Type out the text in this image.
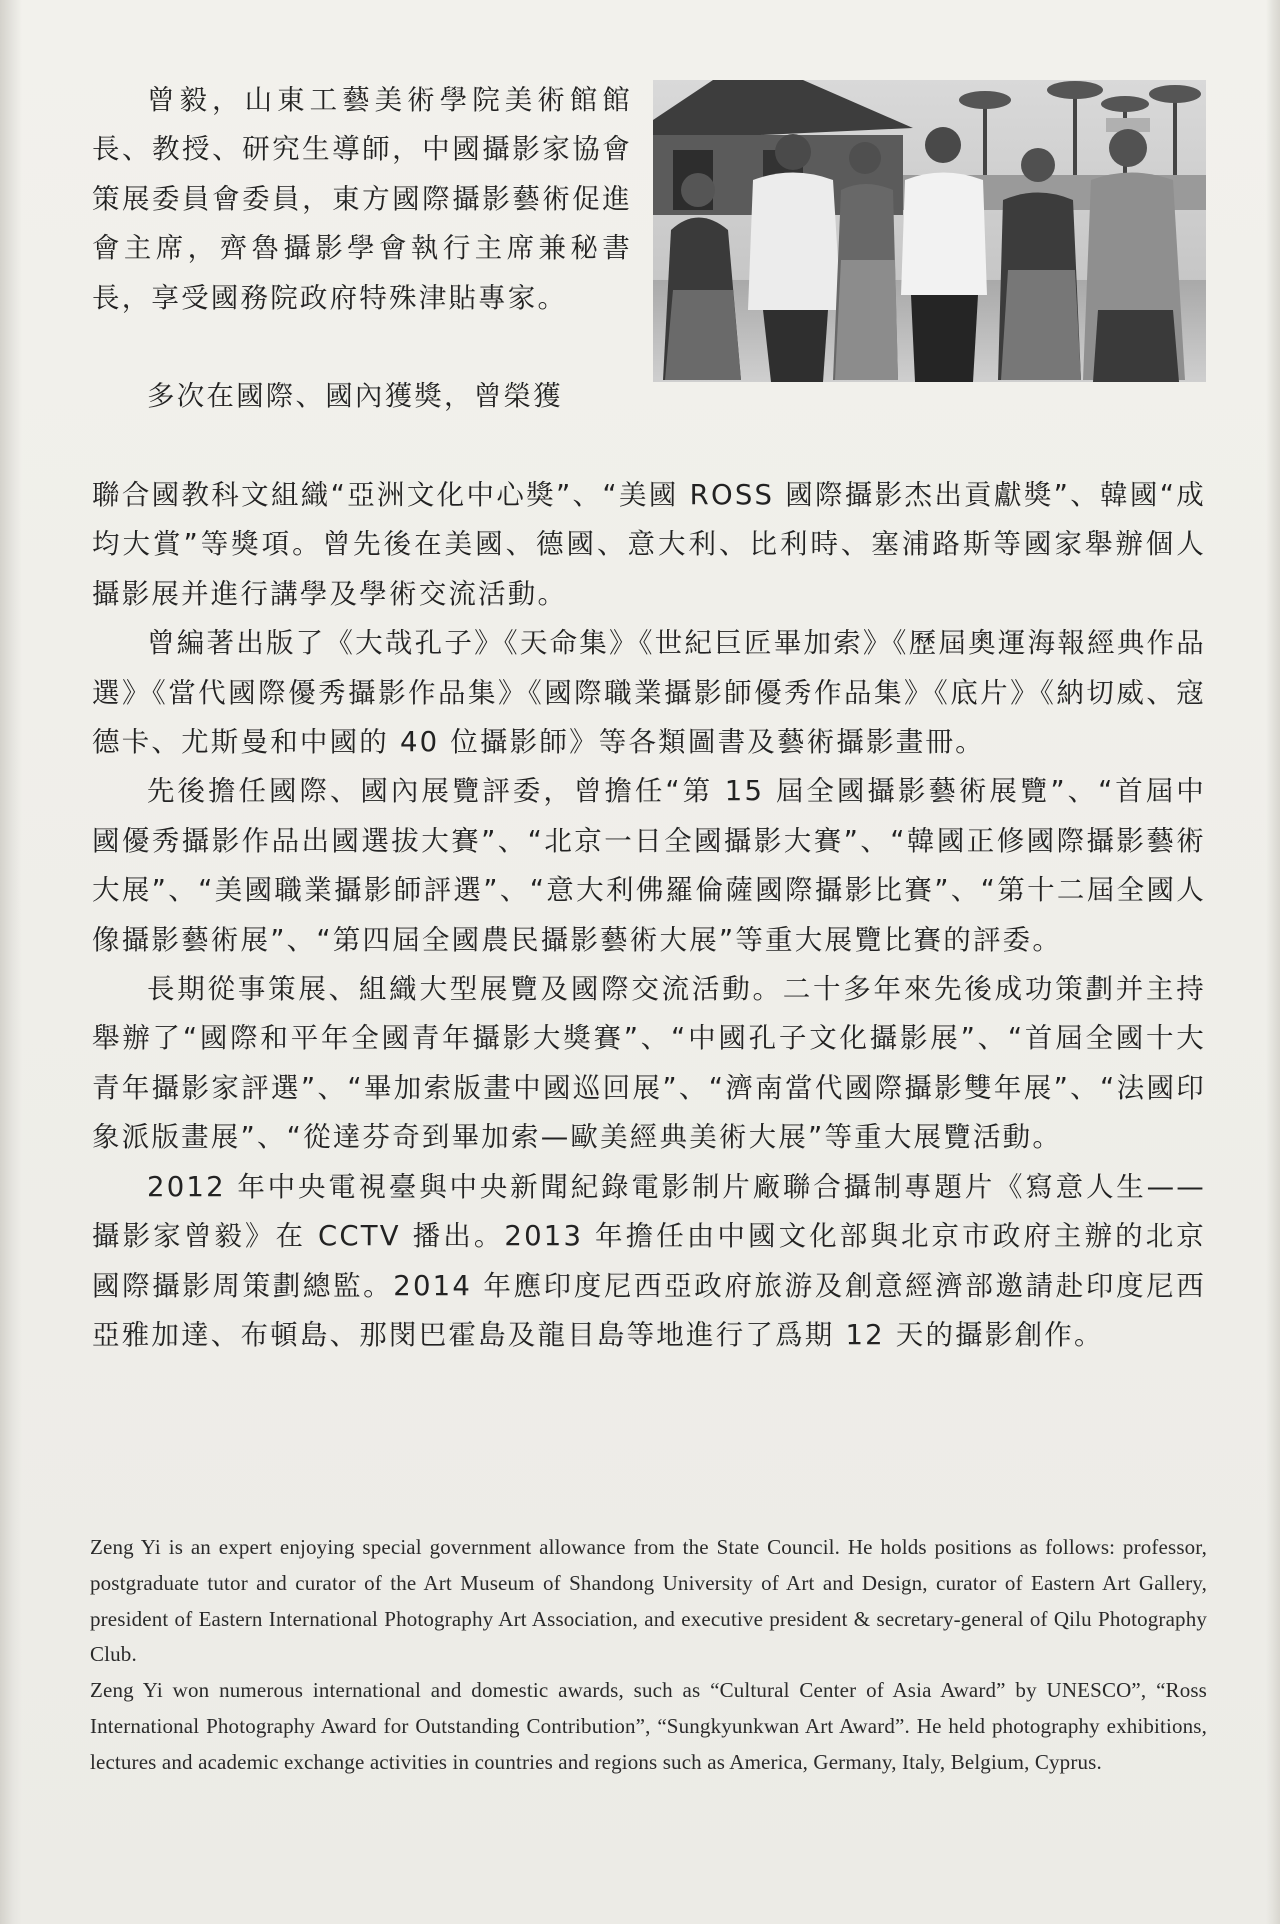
曾毅，山東工藝美術學院美術館館長、教授、研究生導師，中國攝影家協會策展委員會委員，東方國際攝影藝術促進會主席，齊魯攝影學會執行主席兼秘書長，享受國務院政府特殊津貼專家。

多次在國際、國內獲獎，曾榮獲

聯合國教科文組織“亞洲文化中心獎”、“美國 ROSS 國際攝影杰出貢獻獎”、韓國“成均大賞”等獎項。曾先後在美國、德國、意大利、比利時、塞浦路斯等國家舉辦個人攝影展并進行講學及學術交流活動。

曾編著出版了《大哉孔子》《天命集》《世紀巨匠畢加索》《歷屆奧運海報經典作品選》《當代國際優秀攝影作品集》《國際職業攝影師優秀作品集》《底片》《納切威、寇德卡、尤斯曼和中國的 40 位攝影師》等各類圖書及藝術攝影畫冊。

先後擔任國際、國內展覽評委，曾擔任“第 15 屆全國攝影藝術展覽”、“首屆中國優秀攝影作品出國選拔大賽”、“北京一日全國攝影大賽”、“韓國正修國際攝影藝術大展”、“美國職業攝影師評選”、“意大利佛羅倫薩國際攝影比賽”、“第十二屆全國人像攝影藝術展”、“第四屆全國農民攝影藝術大展”等重大展覽比賽的評委。

長期從事策展、組織大型展覽及國際交流活動。二十多年來先後成功策劃并主持舉辦了“國際和平年全國青年攝影大獎賽”、“中國孔子文化攝影展”、“首屆全國十大青年攝影家評選”、“畢加索版畫中國巡回展”、“濟南當代國際攝影雙年展”、“法國印象派版畫展”、“從達芬奇到畢加索—歐美經典美術大展”等重大展覽活動。

2012 年中央電視臺與中央新聞紀錄電影制片廠聯合攝制專題片《寫意人生——攝影家曾毅》在 CCTV 播出。2013 年擔任由中國文化部與北京市政府主辦的北京國際攝影周策劃總監。2014 年應印度尼西亞政府旅游及創意經濟部邀請赴印度尼西亞雅加達、布頓島、那閔巴霍島及龍目島等地進行了爲期 12 天的攝影創作。

Zeng Yi is an expert enjoying special government allowance from the State Council. He holds positions as follows: professor, postgraduate tutor and curator of the Art Museum of Shandong University of Art and Design, curator of Eastern Art Gallery, president of Eastern International Photography Art Association, and executive president & secretary-general of Qilu Photography Club.

Zeng Yi won numerous international and domestic awards, such as “Cultural Center of Asia Award” by UNESCO”, “Ross International Photography Award for Outstanding Contribution”, “Sungkyunkwan Art Award”. He held photography exhibitions, lectures and academic exchange activities in countries and regions such as America, Germany, Italy, Belgium, Cyprus.
